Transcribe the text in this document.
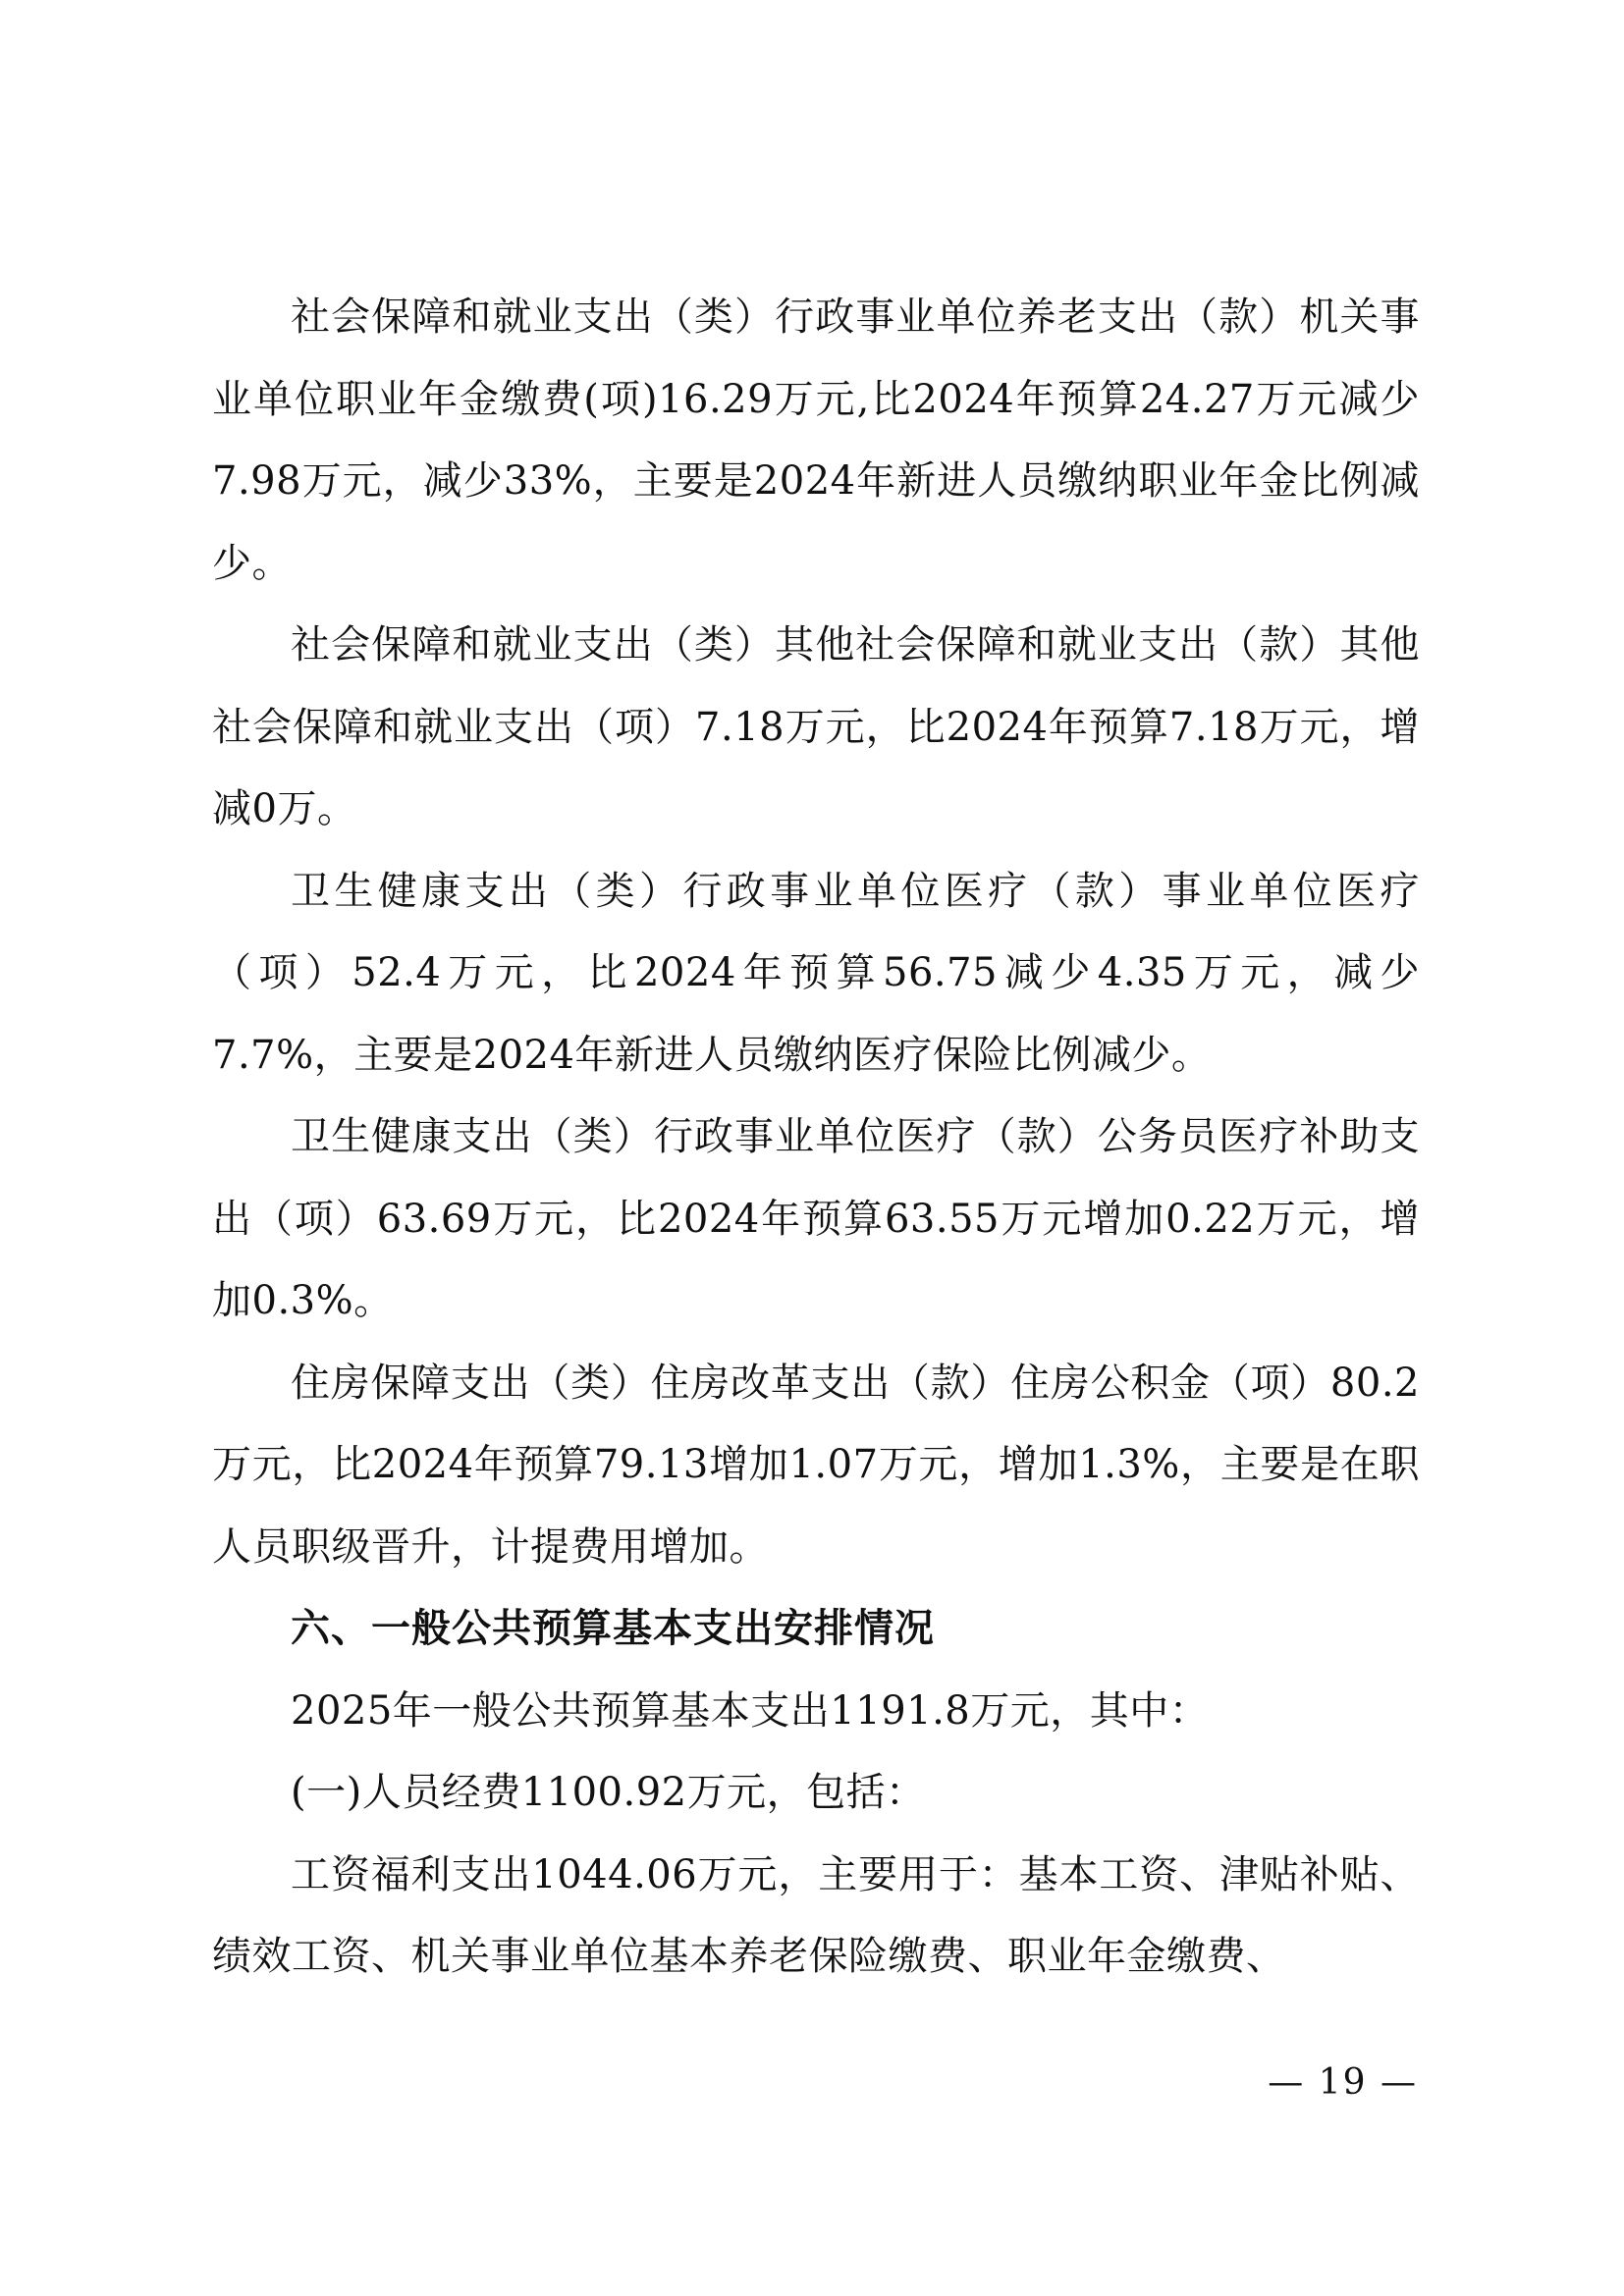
社会保障和就业支出（类）行政事业单位养老支出（款）机关事业单位职业年金缴费(项)16.29万元,比2024年预算24.27万元减少7.98万元，减少33%，主要是2024年新进人员缴纳职业年金比例减少。

社会保障和就业支出（类）其他社会保障和就业支出（款）其他社会保障和就业支出（项）7.18万元，比2024年预算7.18万元，增减0万。

卫生健康支出（类）行政事业单位医疗（款）事业单位医疗（项）52.4万元，比2024年预算56.75减少4.35万元，减少7.7%，主要是2024年新进人员缴纳医疗保险比例减少。

卫生健康支出（类）行政事业单位医疗（款）公务员医疗补助支出（项）63.69万元，比2024年预算63.55万元增加0.22万元，增加0.3%。

住房保障支出（类）住房改革支出（款）住房公积金（项）80.2万元，比2024年预算79.13增加1.07万元，增加1.3%，主要是在职人员职级晋升，计提费用增加。

六、一般公共预算基本支出安排情况

2025年一般公共预算基本支出1191.8万元，其中：

(一)人员经费1100.92万元，包括：

工资福利支出1044.06万元，主要用于：基本工资、津贴补贴、绩效工资、机关事业单位基本养老保险缴费、职业年金缴费、

— 19 —
